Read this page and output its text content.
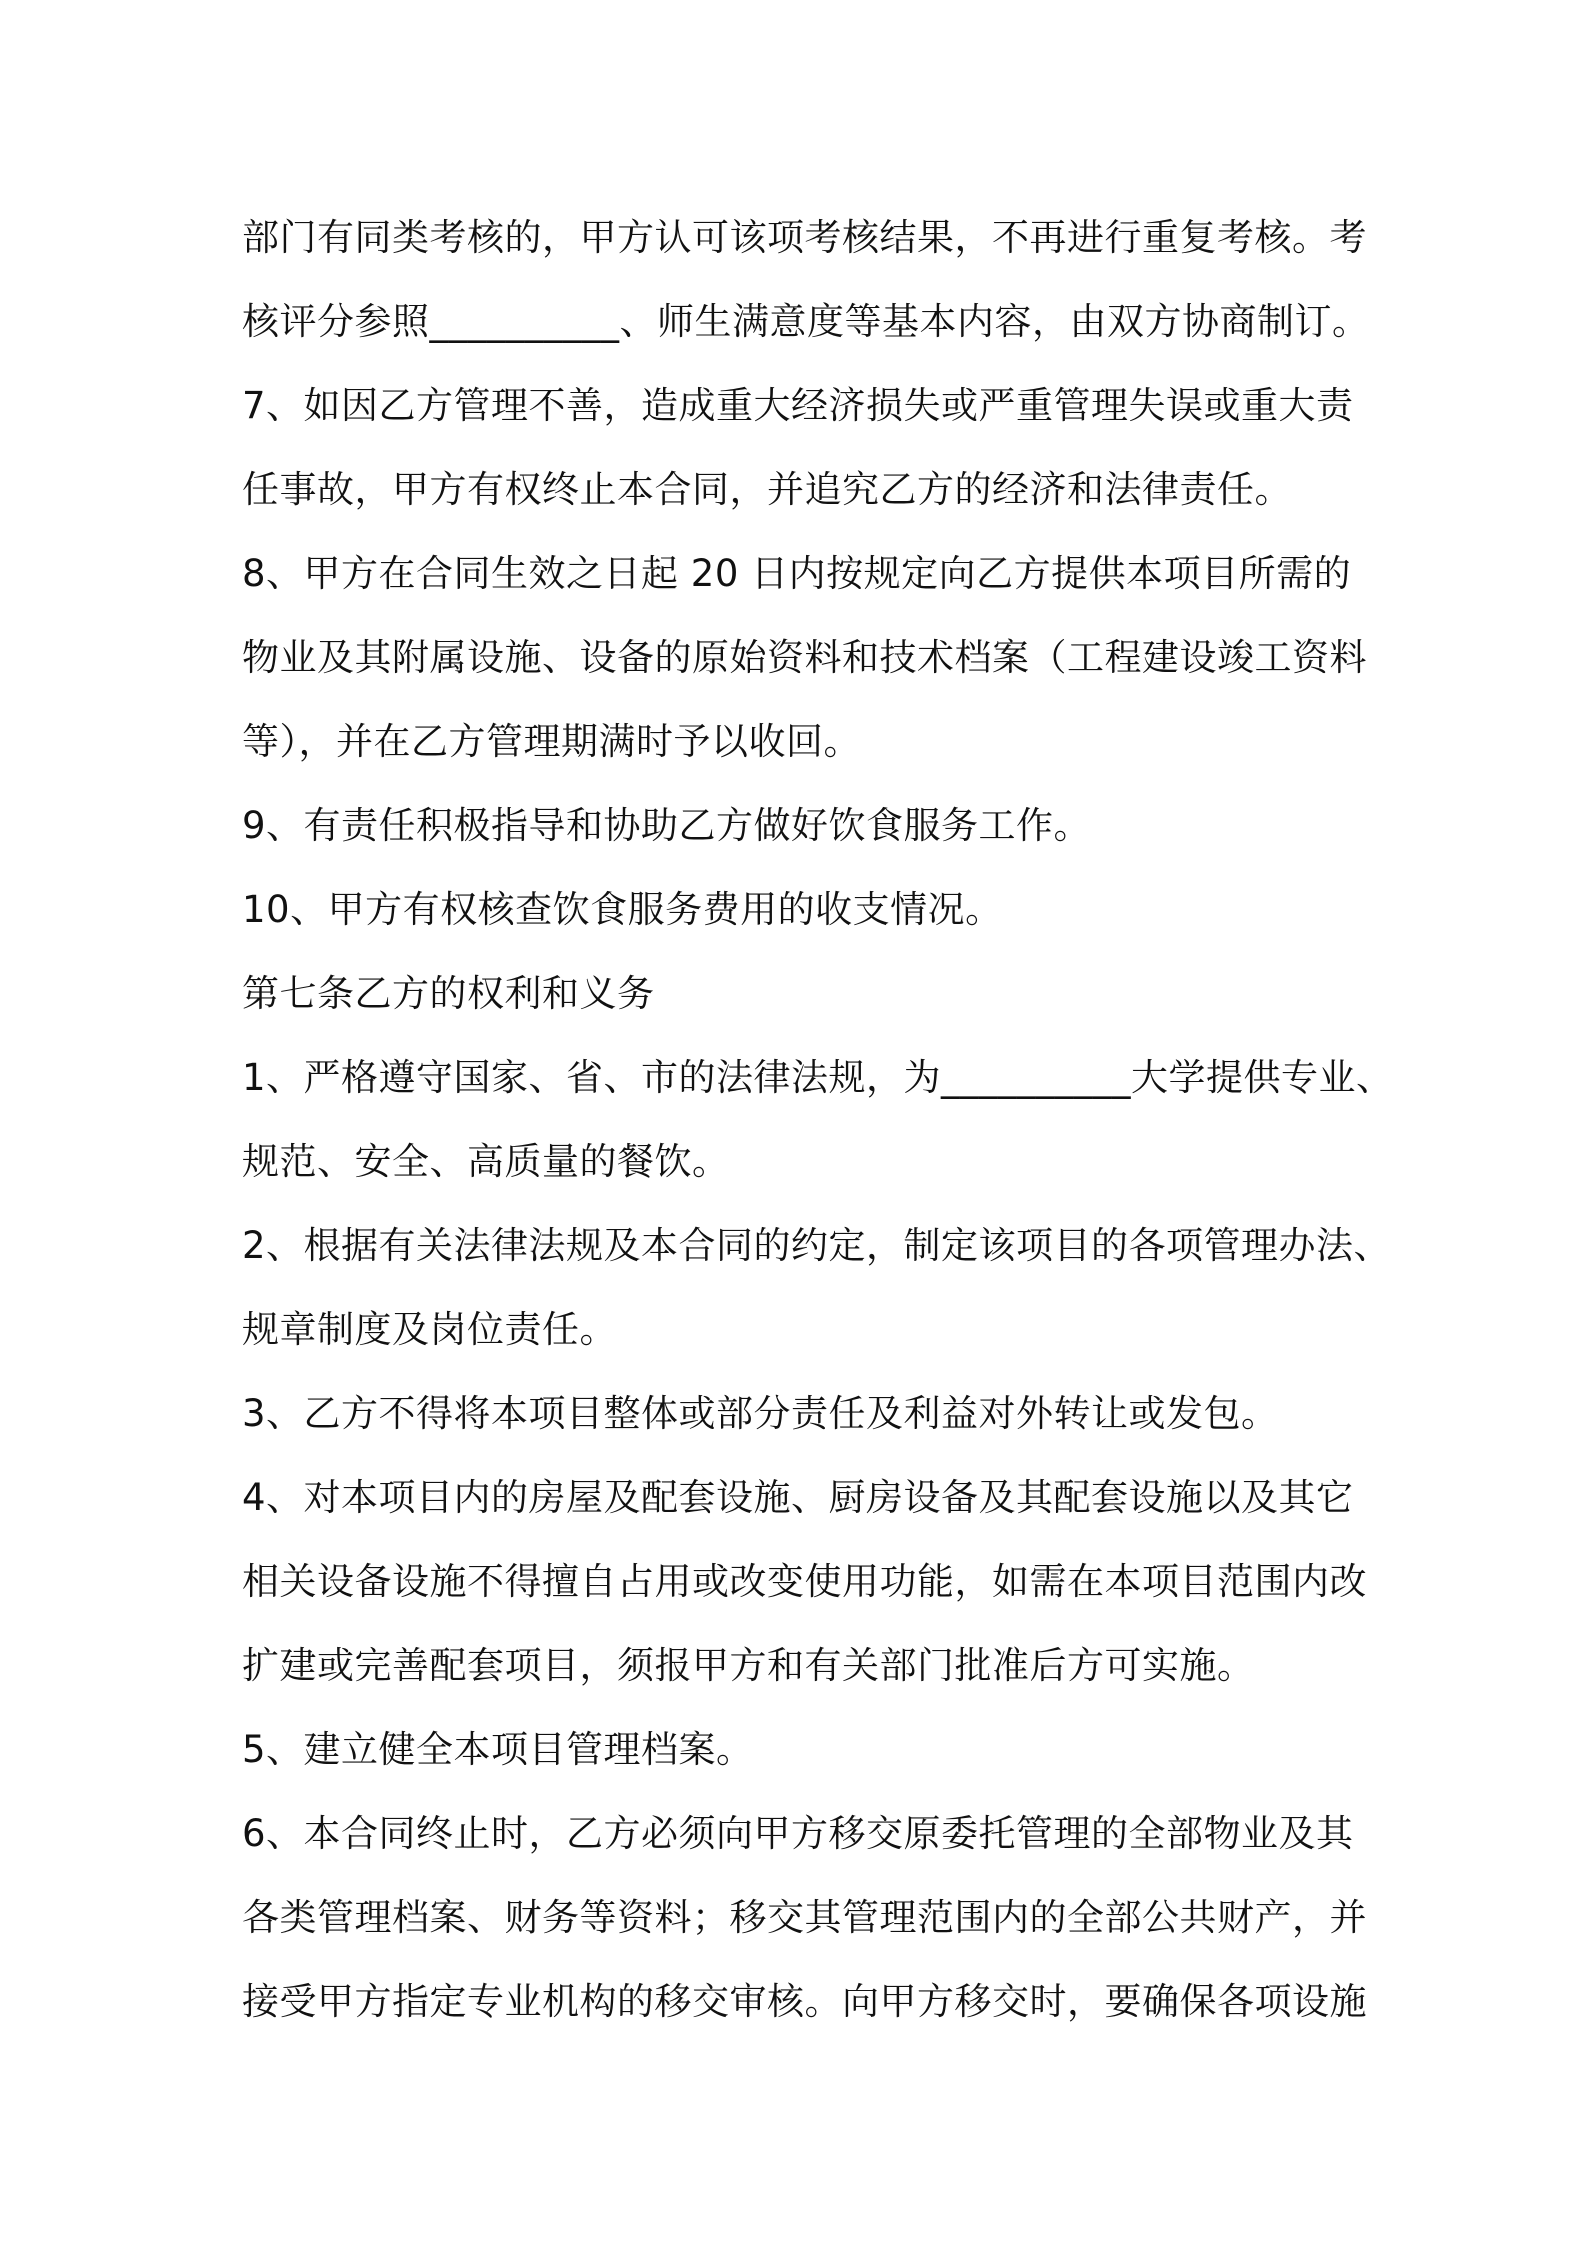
部门有同类考核的，甲方认可该项考核结果，不再进行重复考核。考
核评分参照__________、师生满意度等基本内容，由双方协商制订。
7、如因乙方管理不善，造成重大经济损失或严重管理失误或重大责
任事故，甲方有权终止本合同，并追究乙方的经济和法律责任。
8、甲方在合同生效之日起 20 日内按规定向乙方提供本项目所需的
物业及其附属设施、设备的原始资料和技术档案（工程建设竣工资料
等），并在乙方管理期满时予以收回。
9、有责任积极指导和协助乙方做好饮食服务工作。
10、甲方有权核查饮食服务费用的收支情况。
第七条乙方的权利和义务
1、严格遵守国家、省、市的法律法规，为__________大学提供专业、
规范、安全、高质量的餐饮。
2、根据有关法律法规及本合同的约定，制定该项目的各项管理办法、
规章制度及岗位责任。
3、乙方不得将本项目整体或部分责任及利益对外转让或发包。
4、对本项目内的房屋及配套设施、厨房设备及其配套设施以及其它
相关设备设施不得擅自占用或改变使用功能，如需在本项目范围内改
扩建或完善配套项目，须报甲方和有关部门批准后方可实施。
5、建立健全本项目管理档案。
6、本合同终止时，乙方必须向甲方移交原委托管理的全部物业及其
各类管理档案、财务等资料；移交其管理范围内的全部公共财产，并
接受甲方指定专业机构的移交审核。向甲方移交时，要确保各项设施
